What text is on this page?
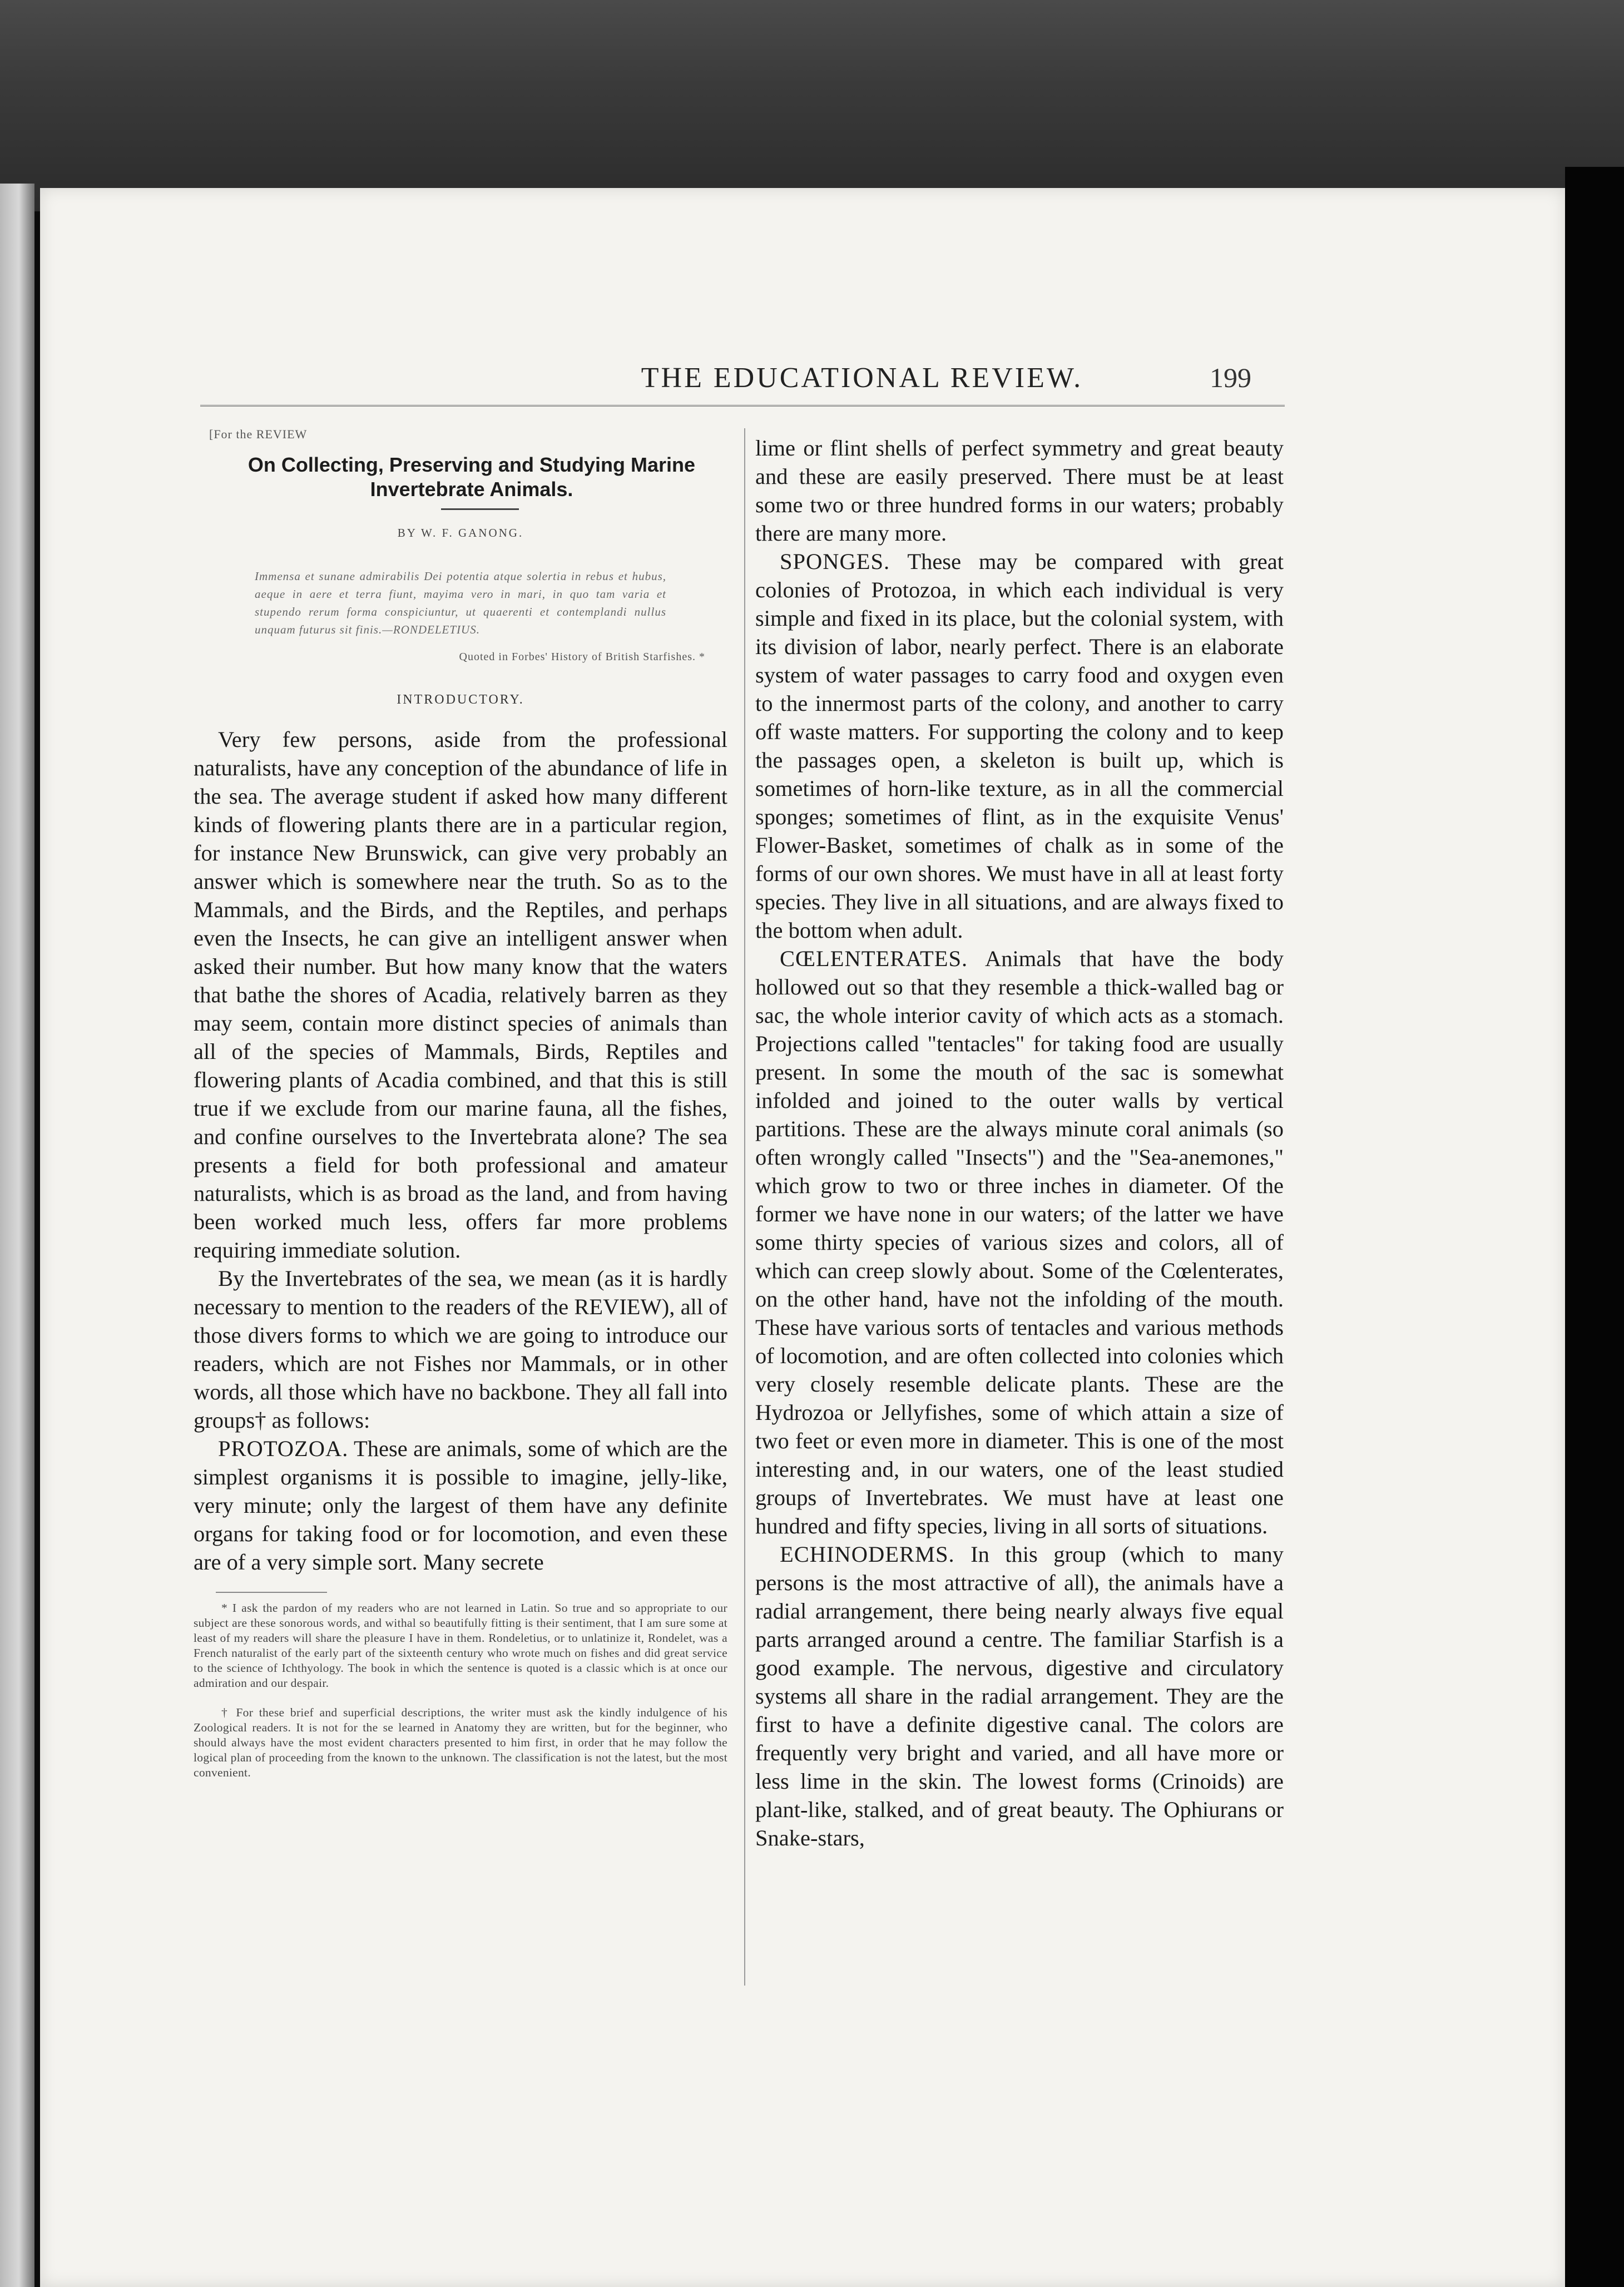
THE EDUCATIONAL REVIEW.	199
[For the REVIEW
On Collecting, Preserving and Studying Marine Invertebrate Animals.
BY W. F. GANONG.
Immensa et sunane admirabilis Dei potentia atque solertia in rebus et hubus, aeque in aere et terra fiunt, mayima vero in mari, in quo tam varia et stupendo rerum forma conspiciuntur, ut quaerenti et contemplandi nullus unquam futurus sit finis.—RONDELETIUS.
Quoted in Forbes' History of British Starfishes. *
INTRODUCTORY.

Very few persons, aside from the professional naturalists, have any conception of the abundance of life in the sea. The average student if asked how many different kinds of flowering plants there are in a particular region, for instance New Brunswick, can give very probably an answer which is somewhere near the truth. So as to the Mammals, and the Birds, and the Reptiles, and perhaps even the Insects, he can give an intelligent answer when asked their number. But how many know that the waters that bathe the shores of Acadia, relatively barren as they may seem, contain more distinct species of animals than all of the species of Mammals, Birds, Reptiles and flowering plants of Acadia combined, and that this is still true if we exclude from our marine fauna, all the fishes, and confine ourselves to the Invertebrata alone? The sea presents a field for both professional and amateur naturalists, which is as broad as the land, and from having been worked much less, offers far more problems requiring immediate solution.

By the Invertebrates of the sea, we mean (as it is hardly necessary to mention to the readers of the REVIEW), all of those divers forms to which we are going to introduce our readers, which are not Fishes nor Mammals, or in other words, all those which have no backbone. They all fall into groups† as follows:

PROTOZOA. These are animals, some of which are the simplest organisms it is possible to imagine, jelly-like, very minute; only the largest of them have any definite organs for taking food or for locomotion, and even these are of a very simple sort. Many secrete

* I ask the pardon of my readers who are not learned in Latin. So true and so appropriate to our subject are these sonorous words, and withal so beautifully fitting is their sentiment, that I am sure some at least of my readers will share the pleasure I have in them. Rondeletius, or to unlatinize it, Rondelet, was a French naturalist of the early part of the sixteenth century who wrote much on fishes and did great service to the science of Ichthyology. The book in which the sentence is quoted is a classic which is at once our admiration and our despair.

† For these brief and superficial descriptions, the writer must ask the kindly indulgence of his Zoological readers. It is not for the se learned in Anatomy they are written, but for the beginner, who should always have the most evident characters presented to him first, in order that he may follow the logical plan of proceeding from the known to the unknown. The classification is not the latest, but the most convenient.

lime or flint shells of perfect symmetry and great beauty and these are easily preserved. There must be at least some two or three hundred forms in our waters; probably there are many more.

SPONGES. These may be compared with great colonies of Protozoa, in which each individual is very simple and fixed in its place, but the colonial system, with its division of labor, nearly perfect. There is an elaborate system of water passages to carry food and oxygen even to the innermost parts of the colony, and another to carry off waste matters. For supporting the colony and to keep the passages open, a skeleton is built up, which is sometimes of horn-like texture, as in all the commercial sponges; sometimes of flint, as in the exquisite Venus' Flower-Basket, sometimes of chalk as in some of the forms of our own shores. We must have in all at least forty species. They live in all situations, and are always fixed to the bottom when adult.

CŒLENTERATES. Animals that have the body hollowed out so that they resemble a thick-walled bag or sac, the whole interior cavity of which acts as a stomach. Projections called "tentacles" for taking food are usually present. In some the mouth of the sac is somewhat infolded and joined to the outer walls by vertical partitions. These are the always minute coral animals (so often wrongly called "Insects") and the "Sea-anemones," which grow to two or three inches in diameter. Of the former we have none in our waters; of the latter we have some thirty species of various sizes and colors, all of which can creep slowly about. Some of the Cœlenterates, on the other hand, have not the infolding of the mouth. These have various sorts of tentacles and various methods of locomotion, and are often collected into colonies which very closely resemble delicate plants. These are the Hydrozoa or Jellyfishes, some of which attain a size of two feet or even more in diameter. This is one of the most interesting and, in our waters, one of the least studied groups of Invertebrates. We must have at least one hundred and fifty species, living in all sorts of situations.

ECHINODERMS. In this group (which to many persons is the most attractive of all), the animals have a radial arrangement, there being nearly always five equal parts arranged around a centre. The familiar Starfish is a good example. The nervous, digestive and circulatory systems all share in the radial arrangement. They are the first to have a definite digestive canal. The colors are frequently very bright and varied, and all have more or less lime in the skin. The lowest forms (Crinoids) are plant-like, stalked, and of great beauty. The Ophiurans or Snake-stars,
